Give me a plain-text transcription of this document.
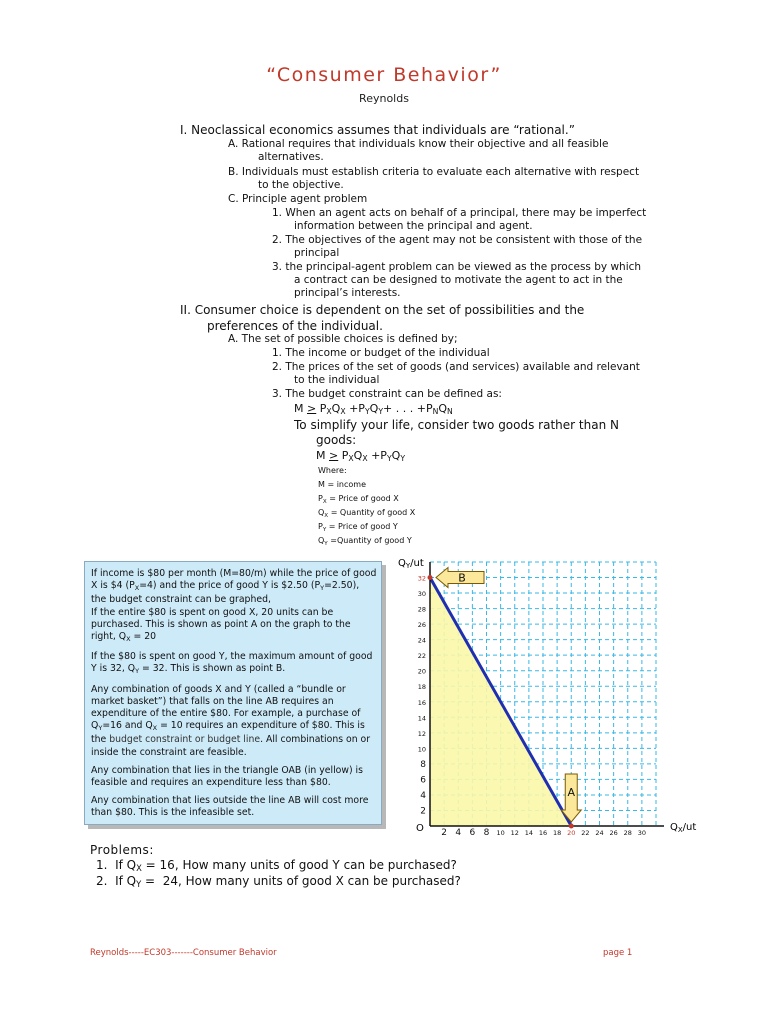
“Consumer Behavior”
Reynolds
I. Neoclassical economics assumes that individuals are “rational.”
A. Rational requires that individuals know their objective and all feasible
alternatives.
B. Individuals must establish criteria to evaluate each alternative with respect
to the objective.
C. Principle agent problem
1. When an agent acts on behalf of a principal, there may be imperfect
information between the principal and agent.
2. The objectives of the agent may not be consistent with those of the
principal
3. the principal-agent problem can be viewed as the process by which
a contract can be designed to motivate the agent to act in the
principal’s interests.
II. Consumer choice is dependent on the set of possibilities and the
preferences of the individual.
A. The set of possible choices is defined by;
1. The income or budget of the individual
2. The prices of the set of goods (and services) available and relevant
to the individual
3. The budget constraint can be defined as:
$M > P_XQ_X +P_YQ_Y+$ . . . $+P_NQ_N$
To simplify your life, consider two goods rather than N
goods:
$M > P_XQ_X +P_YQ_Y$
Where:
M = income
$P_X$ = Price of good X
$Q_X$ = Quantity of good X
$P_Y$ = Price of good Y
$Q_Y$ =Quantity of good Y

If income is $80 per month (M=80/m) while the price of good X is $4 $(P_X=4)$ and the price of good Y is $2.50 $(P_Y=2.50)$, the budget constraint can be graphed,

If the entire $80 is spent on good X, 20 units can be purchased. This is shown as point A on the graph to the right, $Q_X = 20$

If the $80 is spent on good Y, the maximum amount of good Y is 32, $Q_Y = 32$. This is shown as point B.

Any combination of goods X and Y (called a “bundle or market basket”) that falls on the line AB requires an expenditure of the entire $80. For example, a purchase of $Q_Y=16$ and $Q_X = 10$ requires an expenditure of $80. This is the budget constraint or budget line. All combinations on or inside the constraint are feasible.

Any combination that lies in the triangle OAB (in yellow) is feasible and requires an expenditure less than $80.

Any combination that lies outside the line AB will cost more than $80. This is the infeasible set.

2 4 6 8 10 12 14 16 18 20 22 24 26 28 30
2
4
6
8
10
12
14
16
18
20
22
24
26
28
30
32
$Q_Y/ut$
$Q_X/ut$
O
B
A
Problems:
1.  If $Q_X = 16$, How many units of good Y can be purchased?
2.  If $Q_Y = 24$, How many units of good X can be purchased?
Reynolds-----EC303-------Consumer Behavior	page 1
